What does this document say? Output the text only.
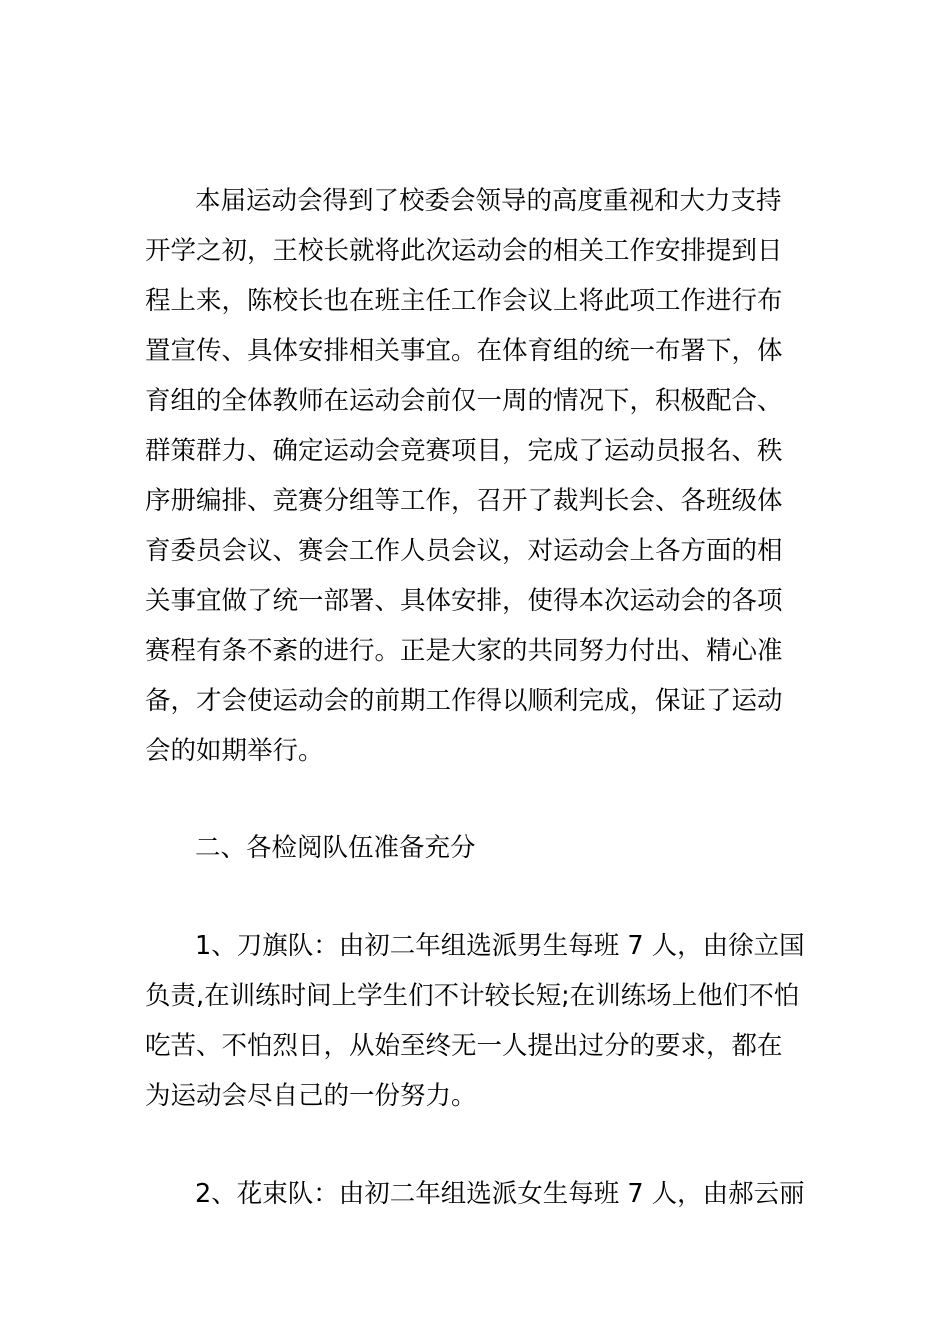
本届运动会得到了校委会领导的高度重视和大力支持
开学之初，王校长就将此次运动会的相关工作安排提到日
程上来，陈校长也在班主任工作会议上将此项工作进行布
置宣传、具体安排相关事宜。在体育组的统一布署下，体
育组的全体教师在运动会前仅一周的情况下，积极配合、
群策群力、确定运动会竞赛项目，完成了运动员报名、秩
序册编排、竞赛分组等工作，召开了裁判长会、各班级体
育委员会议、赛会工作人员会议，对运动会上各方面的相
关事宜做了统一部署、具体安排，使得本次运动会的各项
赛程有条不紊的进行。正是大家的共同努力付出、精心准
备，才会使运动会的前期工作得以顺利完成，保证了运动
会的如期举行。
二、各检阅队伍准备充分
1、刀旗队：由初二年组选派男生每班 7 人，由徐立国
负责,在训练时间上学生们不计较长短;在训练场上他们不怕
吃苦、不怕烈日，从始至终无一人提出过分的要求，都在
为运动会尽自己的一份努力。
2、花束队：由初二年组选派女生每班 7 人，由郝云丽
